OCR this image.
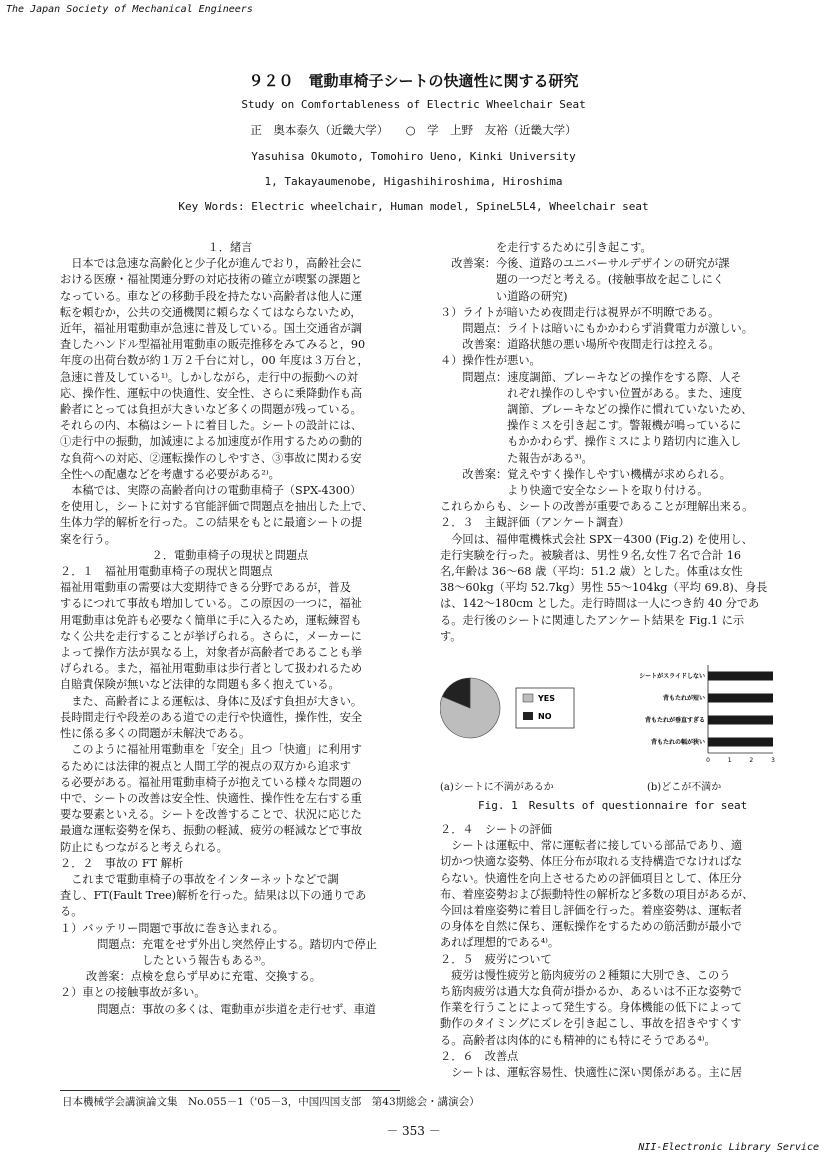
The Japan Society of Mechanical Engineers
NII-Electronic Library Service
９２０　電動車椅子シートの快適性に関する研究
Study on Comfortableness of Electric Wheelchair Seat
正　奥本泰久（近畿大学）　　○　学　上野　友裕（近畿大学）
Yasuhisa Okumoto, Tomohiro Ueno, Kinki University
1, Takayaumenobe, Higashihiroshima, Hiroshima
Key Words: Electric wheelchair, Human model, SpineL5L4, Wheelchair seat

１．緒言

　日本では急速な高齢化と少子化が進んでおり，高齢社会に

おける医療・福祉関連分野の対応技術の確立が喫緊の課題と

なっている。車などの移動手段を持たない高齢者は他人に運

転を頼むか，公共の交通機関に頼らなくてはならないため，

近年，福祉用電動車が急速に普及している。国土交通省が調

査したハンドル型福祉用電動車の販売推移をみてみると，90

年度の出荷台数が約１万２千台に対し，00 年度は３万台と，

急速に普及している¹⁾。しかしながら，走行中の振動への対

応、操作性、運転中の快適性、安全性、さらに乗降動作も高

齢者にとっては負担が大きいなど多くの問題が残っている。

それらの内、本稿はシートに着目した。シートの設計には、

①走行中の振動，加減速による加速度が作用するための動的

な負荷への対応、②運転操作のしやすさ、③事故に関わる安

全性への配慮などを考慮する必要がある²⁾。

　本稿では、実際の高齢者向けの電動車椅子（SPX-4300）

を使用し，シートに対する官能評価で問題点を抽出した上で、

生体力学的解析を行った。この結果をもとに最適シートの提

案を行う。

２．電動車椅子の現状と問題点

２．１　福祉用電動車椅子の現状と問題点

福祉用電動車の需要は大変期待できる分野であるが，普及

するにつれて事故も増加している。この原因の一つに，福祉

用電動車は免許も必要なく簡単に手に入るため，運転練習も

なく公共を走行することが挙げられる。さらに，メーカーに

よって操作方法が異なる上，対象者が高齢者であることも挙

げられる。また，福祉用電動車は歩行者として扱われるため

自賠責保険が無いなど法律的な問題も多く抱えている。

　また、高齢者による運転は、身体に及ぼす負担が大きい。

長時間走行や段差のある道での走行や快適性，操作性，安全

性に係る多くの問題が未解決である。

　このように福祉用電動車を「安全」且つ「快適」に利用す

るためには法律的視点と人間工学的視点の双方から追求す

る必要がある。福祉用電動車椅子が抱えている様々な問題の

中で、シートの改善は安全性、快適性、操作性を左右する重

要な要素といえる。シートを改善することで、状況に応じた

最適な運転姿勢を保ち、振動の軽減、疲労の軽減などで事故

防止にもつながると考えられる。

２．２　事故の FT 解析

　これまで電動車椅子の事故をインターネットなどで調

査し、FT(Fault Tree)解析を行った。結果は以下の通りであ

る。

１）バッテリー問題で事故に巻き込まれる。

　問題点：充電をせず外出し突然停止する。踏切内で停止

　　　　　したという報告もある³⁾。

改善案：点検を怠らず早めに充電、交換する。

２）車との接触事故が多い。

　問題点：事故の多くは、電動車が歩道を走行せず、車道

　　　　　を走行するために引き起こす。

　改善案：今後、道路のユニバーサルデザインの研究が課

　　　　　題の一つだと考える。(接触事故を起こしにく

　　　　　い道路の研究)

３）ライトが暗いため夜間走行は視界が不明瞭である。

　　問題点：ライトは暗いにもかかわらず消費電力が激しい。

　　改善案：道路状態の悪い場所や夜間走行は控える。

４）操作性が悪い。

　　問題点：速度調節、ブレーキなどの操作をする際、人そ

　　　　　　れぞれ操作のしやすい位置がある。また、速度

　　　　　　調節、ブレーキなどの操作に慣れていないため、

　　　　　　操作ミスを引き起こす。警報機が鳴っているに

　　　　　　もかかわらず、操作ミスにより踏切内に進入し

　　　　　　た報告がある³⁾。

　　改善案：覚えやすく操作しやすい機構が求められる。

　　　　　　より快適で安全なシートを取り付ける。

これらからも、シートの改善が重要であることが理解出来る。

２．３　主観評価（アンケート調査）

　今回は、福伸電機株式会社 SPX－4300 (Fig.2) を使用し、

走行実験を行った。被験者は、男性９名,女性７名で合計 16

名,年齢は 36～68 歳（平均：51.2 歳）とした。体重は女性

38～60kg（平均 52.7kg）男性 55～104kg（平均 69.8)、身長

は、142～180cm とした。走行時間は一人につき約 40 分であ

る。走行後のシートに関連したアンケート結果を Fig.1 に示

す。

YES
NO
シートがスライドしない
背もたれが短い
背もたれが垂直すぎる
背もたれの幅が狭い
0	1	2	3
(a)シートに不満があるか	(b)どこが不満か
Fig. 1　Results of questionnaire for seat

２．４　シートの評価

　シートは運転中、常に運転者に接している部品であり、適

切かつ快適な姿勢、体圧分布が取れる支持構造でなければな

らない。快適性を向上させるための評価項目として、体圧分

布、着座姿勢および振動特性の解析など多数の項目があるが、

今回は着座姿勢に着目し評価を行った。着座姿勢は、運転者

の身体を自然に保ち、運転操作をするための筋活動が最小で

あれば理想的である⁴⁾。

２．５　疲労について

　疲労は慢性疲労と筋肉疲労の２種類に大別でき、このう

ち筋肉疲労は過大な負荷が掛かるか、あるいは不正な姿勢で

作業を行うことによって発生する。身体機能の低下によって

動作のタイミングにズレを引き起こし、事故を招きやすくす

る。高齢者は肉体的にも精神的にも特にそうである⁴⁾。

２．６　改善点

　シートは、運転容易性、快適性に深い関係がある。主に居

日本機械学会講演論文集　No.055－1（'05－3，中国四国支部　第43期総会・講演会）
－ 353 －
